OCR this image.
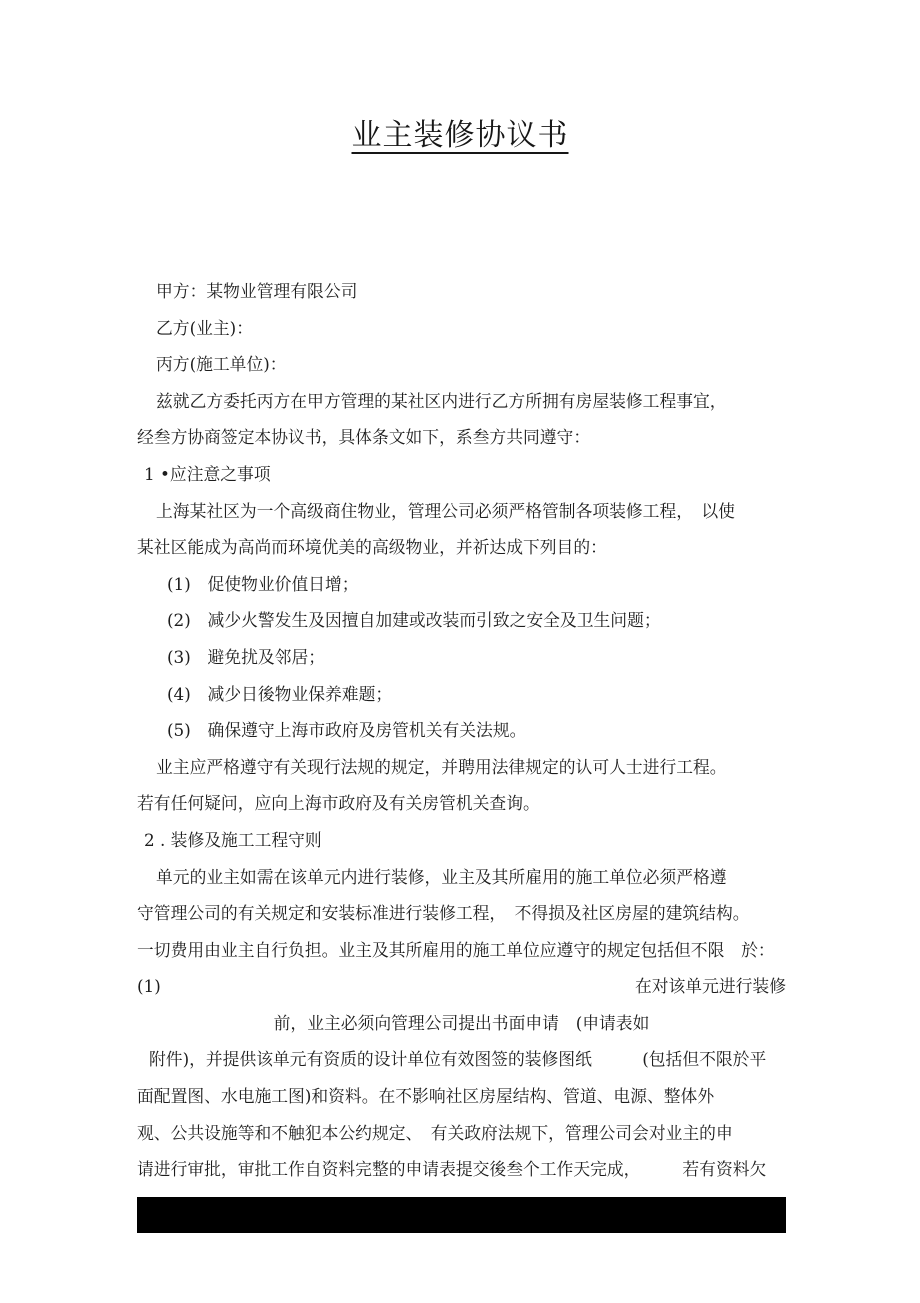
业主装修协议书
甲方：某物业管理有限公司
乙方(业主)：
丙方(施工单位)：
兹就乙方委托丙方在甲方管理的某社区内进行乙方所拥有房屋装修工程事宜，
经叁方协商签定本协议书，具体条文如下，系叁方共同遵守：
1 •应注意之事项
上海某社区为一个高级商住物业，管理公司必须严格管制各项装修工程，　以使
某社区能成为高尚而环境优美的高级物业，并祈达成下列目的：
(1)　促使物业价值日增；
(2)　减少火警发生及因擅自加建或改装而引致之安全及卫生问题；
(3)　避免扰及邻居；
(4)　减少日後物业保养难题；
(5)　确保遵守上海市政府及房管机关有关法规。
业主应严格遵守有关现行法规的规定，并聘用法律规定的认可人士进行工程。
若有任何疑问，应向上海市政府及有关房管机关查询。
2 . 装修及施工工程守则
单元的业主如需在该单元内进行装修，业主及其所雇用的施工单位必须严格遵
守管理公司的有关规定和安装标准进行装修工程，　不得损及社区房屋的建筑结构。
一切费用由业主自行负担。业主及其所雇用的施工单位应遵守的规定包括但不限　於：
(1)	在对该单元进行装修
前，业主必须向管理公司提出书面申请　(申请表如
附件)，并提供该单元有资质的设计单位有效图签的装修图纸　　　(包括但不限於平
面配置图、水电施工图)和资料。在不影响社区房屋结构、管道、电源、整体外
观、公共设施等和不触犯本公约规定、　有关政府法规下，管理公司会对业主的申
请进行审批，审批工作自资料完整的申请表提交後叁个工作天完成，　　　若有资料欠
